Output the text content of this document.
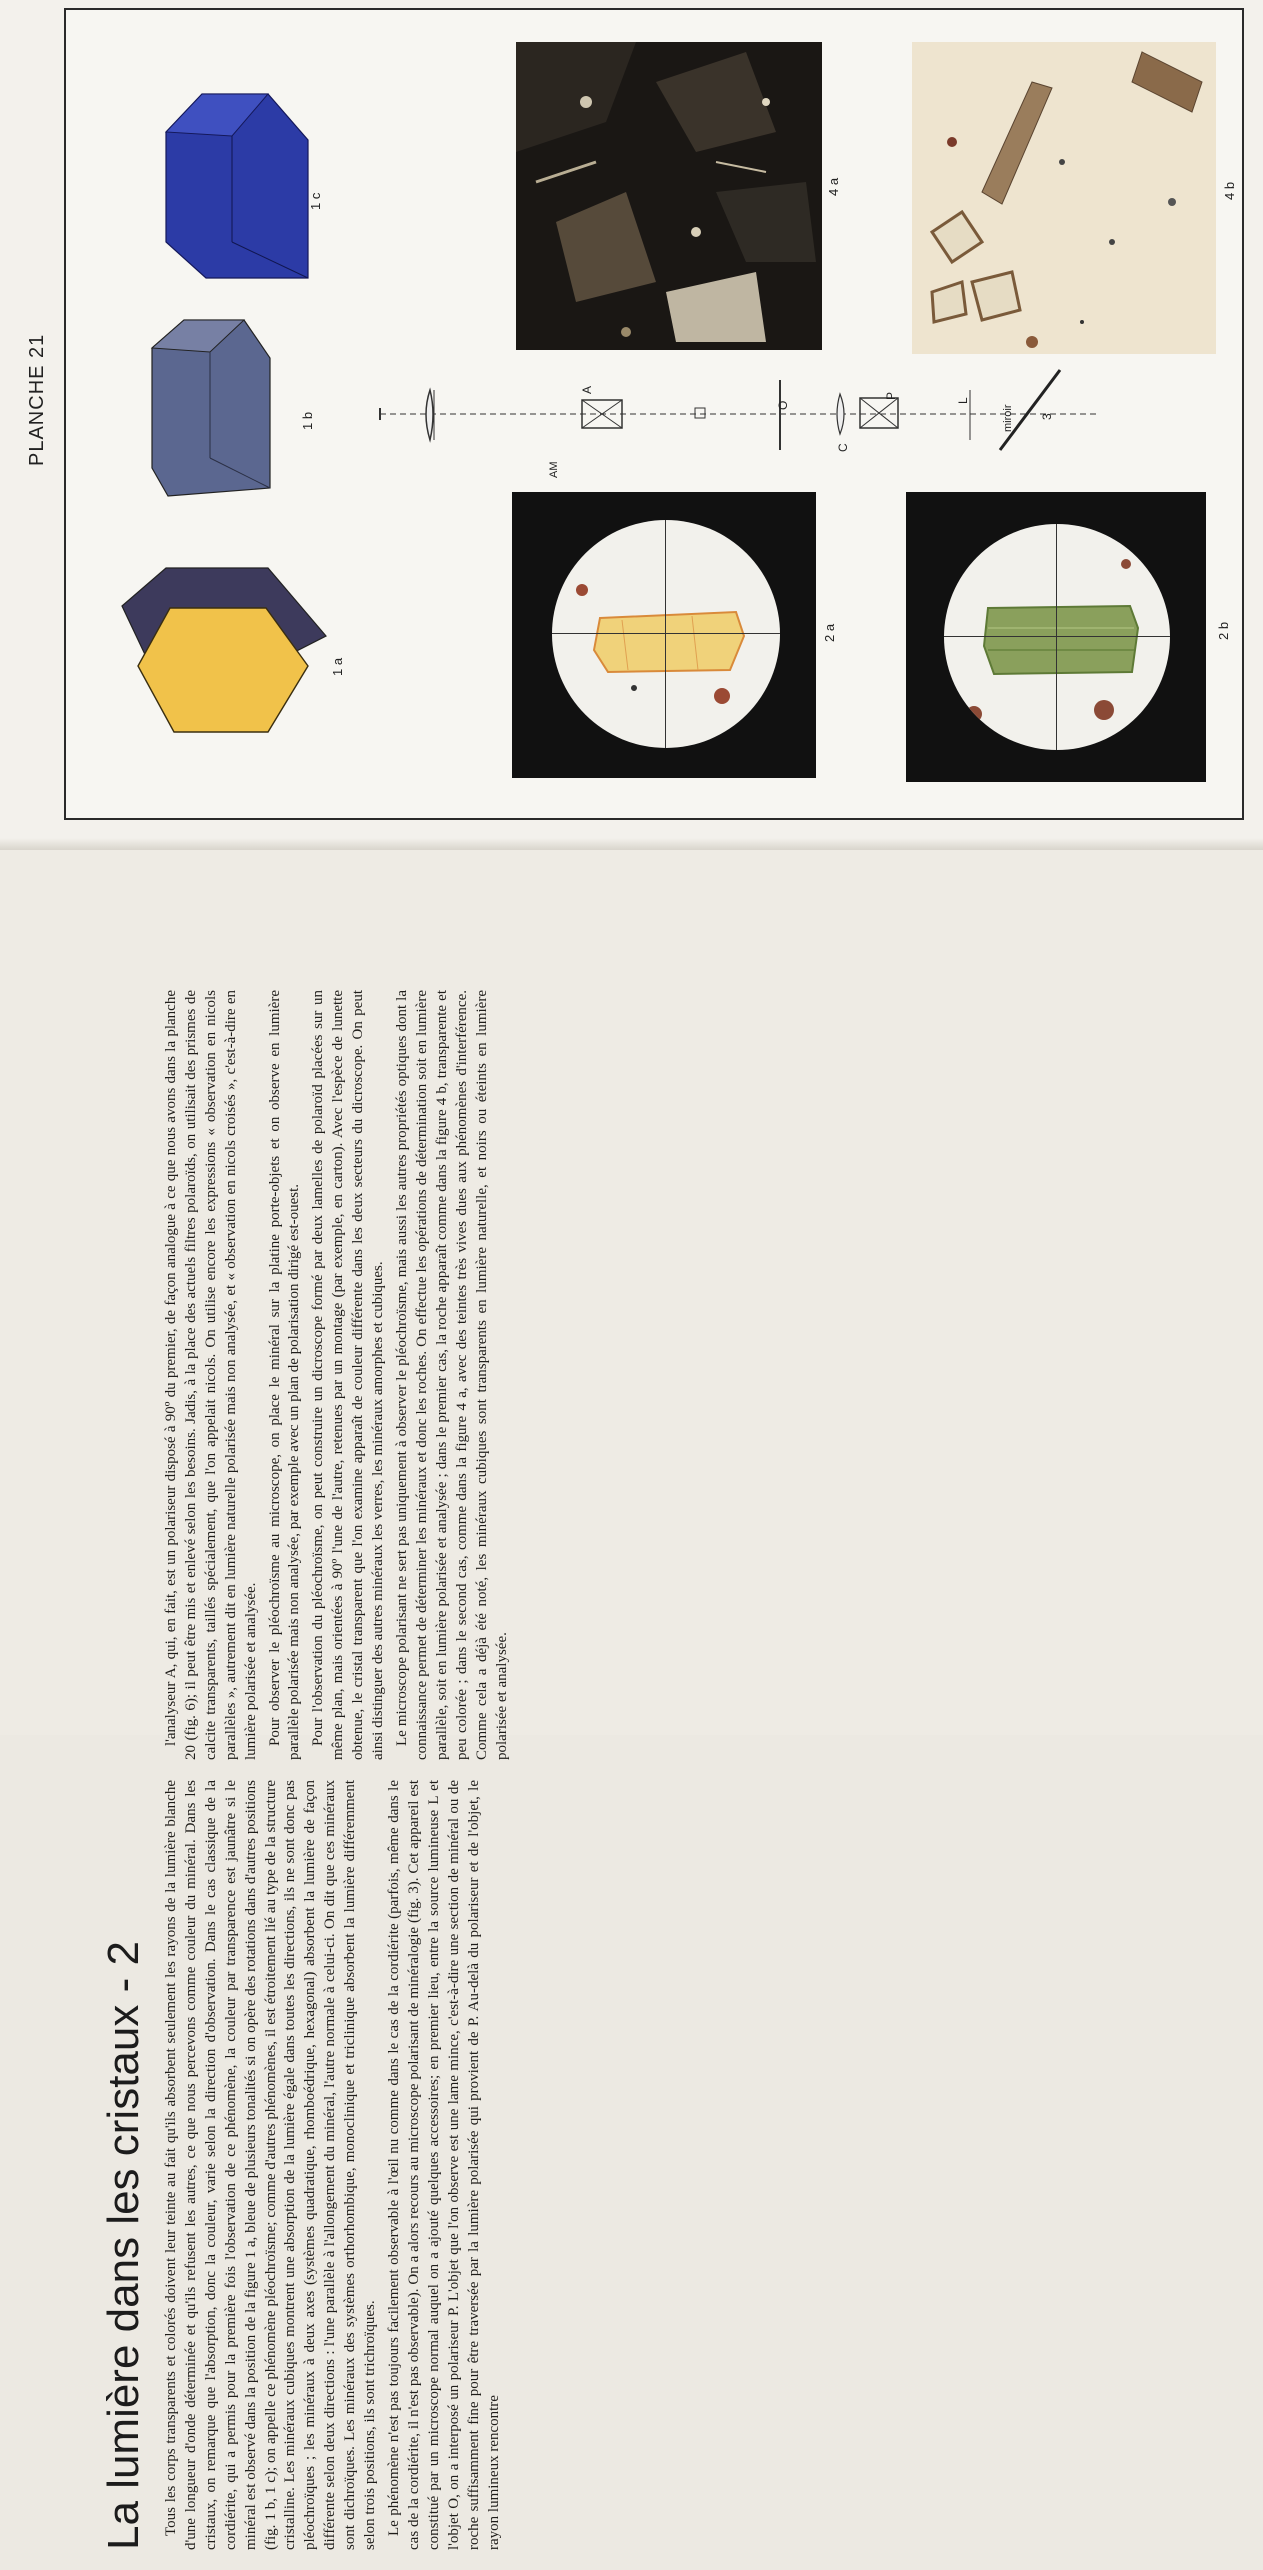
PLANCHE 21
1 a
1 b
1 c
2 a	2 b
4 a	4 b
AM
A
O
C
P
L
miroir 3
La lumière dans les cristaux - 2 Tous les corps transparents et colorés doivent leur teinte au fait qu'ils absorbent seulement les rayons de la lumière blanche d'une longueur d'onde déterminée et qu'ils refusent les autres, ce que nous percevons comme couleur du minéral. Dans les cristaux, on remarque que l'absorption, donc la couleur, varie selon la direction d'observation. Dans le cas classique de la cordiérite, qui a permis pour la première fois l'observation de ce phénomène, la couleur par transparence est jaunâtre si le minéral est observé dans la position de la figure 1 a, bleue de plusieurs tonalités si on opère des rotations dans d'autres positions (fig. 1 b, 1 c); on appelle ce phénomène pléochroïsme; comme d'autres phénomènes, il est étroitement lié au type de la structure cristalline. Les minéraux cubiques montrent une absorption de la lumière égale dans toutes les directions, ils ne sont donc pas pléochroïques ; les minéraux à deux axes (systèmes quadratique, rhomboédrique, hexagonal) absorbent la lumière de façon différente selon deux directions : l'une parallèle à l'allongement du minéral, l'autre normale à celui-ci. On dit que ces minéraux sont dichroïques. Les minéraux des systèmes orthorhombique, monoclinique et triclinique absorbent la lumière différemment selon trois positions, ils sont trichroïques. Le phénomène n'est pas toujours facilement observable à l'œil nu comme dans le cas de la cordiérite (parfois, même dans le cas de la cordiérite, il n'est pas observable). On a alors recours au microscope polarisant de minéralogie (fig. 3). Cet appareil est constitué par un microscope normal auquel on a ajouté quelques accessoires; en premier lieu, entre la source lumineuse L et l'objet O, on a interposé un polariseur P. L'objet que l'on observe est une lame mince, c'est-à-dire une section de minéral ou de roche suffisamment fine pour être traversée par la lumière polarisée qui provient de P. Au-delà du polariseur et de l'objet, le rayon lumineux rencontre

l'analyseur A, qui, en fait, est un polariseur disposé à 90º du premier, de façon analogue à ce que nous avons dans la planche 20 (fig. 6); il peut être mis et enlevé selon les besoins. Jadis, à la place des actuels filtres polaroïds, on utilisait des prismes de calcite transparents, taillés spécialement, que l'on appelait nicols. On utilise encore les expressions « observation en nicols parallèles », autrement dit en lumière naturelle polarisée mais non analysée, et « observation en nicols croisés », c'est-à-dire en lumière polarisée et analysée. Pour observer le pléochroïsme au microscope, on place le minéral sur la platine porte-objets et on observe en lumière parallèle polarisée mais non analysée, par exemple avec un plan de polarisation dirigé est-ouest. Pour l'observation du pléochroïsme, on peut construire un dicroscope formé par deux lamelles de polaroïd placées sur un même plan, mais orientées à 90º l'une de l'autre, retenues par un montage (par exemple, en carton). Avec l'espèce de lunette obtenue, le cristal transparent que l'on examine apparaît de couleur différente dans les deux secteurs du dicroscope. On peut ainsi distinguer des autres minéraux les verres, les minéraux amorphes et cubiques. Le microscope polarisant ne sert pas uniquement à observer le pléochroïsme, mais aussi les autres propriétés optiques dont la connaissance permet de déterminer les minéraux et donc les roches. On effectue les opérations de détermination soit en lumière parallèle, soit en lumière polarisée et analysée ; dans le premier cas, la roche apparaît comme dans la figure 4 b, transparente et peu colorée ; dans le second cas, comme dans la figure 4 a, avec des teintes très vives dues aux phénomènes d'interférence. Comme cela a déjà été noté, les minéraux cubiques sont transparents en lumière naturelle, et noirs ou éteints en lumière polarisée et analysée.
